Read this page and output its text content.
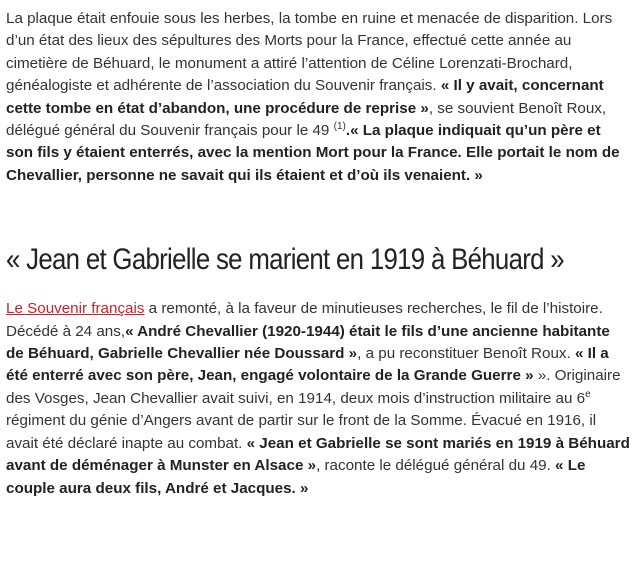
La plaque était enfouie sous les herbes, la tombe en ruine et menacée de disparition. Lors d’un état des lieux des sépultures des Morts pour la France, effectué cette année au cimetière de Béhuard, le monument a attiré l’attention de Céline Lorenzati-Brochard, généalogiste et adhérente de l’association du Souvenir français. « Il y avait, concernant cette tombe en état d’abandon, une procédure de reprise », se souvient Benoît Roux, délégué général du Souvenir français pour le 49 $^{(1)}$.« La plaque indiquait qu’un père et son fils y étaient enterrés, avec la mention Mort pour la France. Elle portait le nom de Chevallier, personne ne savait qui ils étaient et d’où ils venaient. »

« Jean et Gabrielle se marient en 1919 à Béhuard »

Le Souvenir français a remonté, à la faveur de minutieuses recherches, le fil de l’histoire. Décédé à 24 ans,« André Chevallier (1920-1944) était le fils d’une ancienne habitante de Béhuard, Gabrielle Chevallier née Doussard », a pu reconstituer Benoît Roux. « Il a été enterré avec son père, Jean, engagé volontaire de la Grande Guerre » ». Originaire des Vosges, Jean Chevallier avait suivi, en 1914, deux mois d’instruction militaire au 6e régiment du génie d’Angers avant de partir sur le front de la Somme. Évacué en 1916, il avait été déclaré inapte au combat. « Jean et Gabrielle se sont mariés en 1919 à Béhuard avant de déménager à Munster en Alsace », raconte le délégué général du 49. « Le couple aura deux fils, André et Jacques. »
